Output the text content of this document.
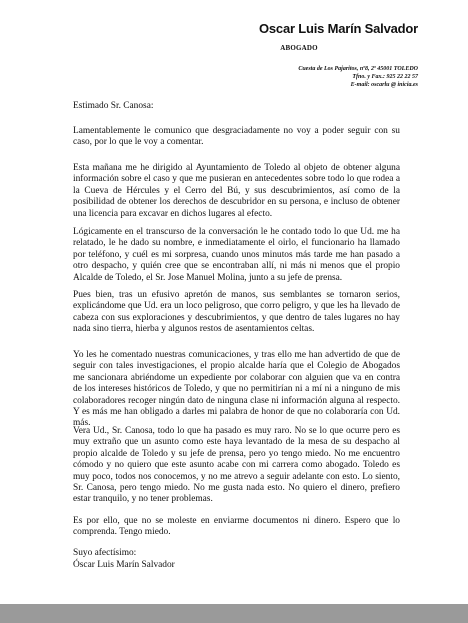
Oscar Luis Marín Salvador
ABOGADO
Cuesta de Los Pajaritos, nº8, 2º 45001 TOLEDO
Tfno. y Fax.: 925 22 22 57
E-mail: oscarlu @ inicia.es

Estimado Sr. Canosa:

Lamentablemente le comunico que desgraciadamente no voy a poder seguir con su caso, por lo que le voy a comentar.

Esta mañana me he dirigido al Ayuntamiento de Toledo al objeto de obtener alguna información sobre el caso y que me pusieran en antecedentes sobre todo lo que rodea a la Cueva de Hércules y el Cerro del Bú, y sus descubrimientos, así como de la posibilidad de obtener los derechos de descubridor en su persona, e incluso de obtener una licencia para excavar en dichos lugares al efecto.

Lógicamente en el transcurso de la conversación le he contado todo lo que Ud. me ha relatado, le he dado su nombre, e inmediatamente el oirlo, el funcionario ha llamado por teléfono, y cuél es mi sorpresa, cuando unos minutos más tarde me han pasado a otro despacho, y quién cree que se encontraban allí, ni más ni menos que el propio Alcalde de Toledo, el Sr. Jose Manuel Molina, junto a su jefe de prensa.

Pues bien, tras un efusivo apretón de manos, sus semblantes se tornaron serios, explicándome que Ud. era un loco peligroso, que corro peligro, y que les ha llevado de cabeza con sus exploraciones y descubrimientos, y que dentro de tales lugares no hay nada sino tierra, hierba y algunos restos de asentamientos celtas.

Yo les he comentado nuestras comunicaciones, y tras ello me han advertido de que de seguir con tales investigaciones, el propio alcalde haría que el Colegio de Abogados me sancionara abriéndome un expediente por colaborar con alguien que va en contra de los intereses históricos de Toledo, y que no permitirían ni a mí ni a ninguno de mis colaboradores recoger ningún dato de ninguna clase ni información alguna al respecto. Y es más me han obligado a darles mi palabra de honor de que no colaboraría con Ud. más.

Vera Ud., Sr. Canosa, todo lo que ha pasado es muy raro. No se lo que ocurre pero es muy extraño que un asunto como este haya levantado de la mesa de su despacho al propio alcalde de Toledo y su jefe de prensa, pero yo tengo miedo. No me encuentro cómodo y no quiero que este asunto acabe con mi carrera como abogado. Toledo es muy poco, todos nos conocemos, y no me atrevo a seguir adelante con esto. Lo siento, Sr. Canosa, pero tengo miedo. No me gusta nada esto. No quiero el dinero, prefiero estar tranquilo, y no tener problemas.

Es por ello, que no se moleste en enviarme documentos ni dinero. Espero que lo comprenda. Tengo miedo.

Suyo afectísimo:

Óscar Luis Marín Salvador
